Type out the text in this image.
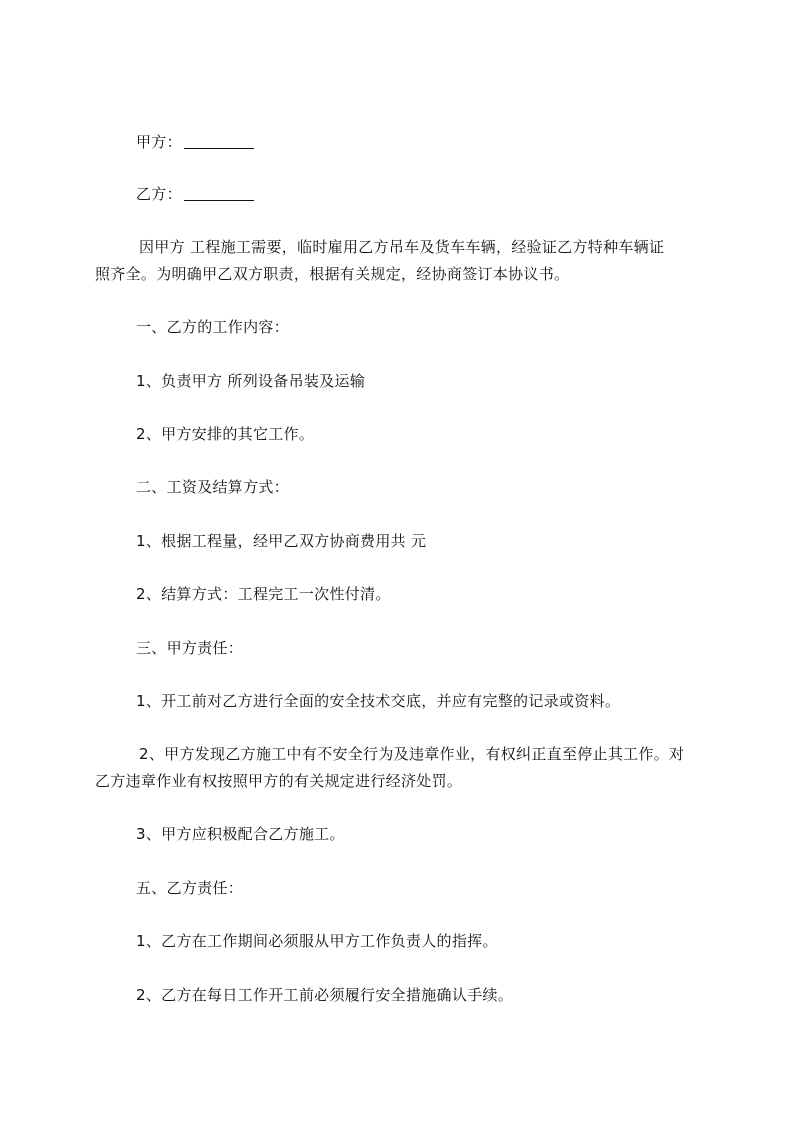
甲方：
乙方：
因甲方 工程施工需要，临时雇用乙方吊车及货车车辆，经验证乙方特种车辆证
照齐全。为明确甲乙双方职责，根据有关规定，经协商签订本协议书。
一、乙方的工作内容：
1、负责甲方 所列设备吊装及运输
2、甲方安排的其它工作。
二、工资及结算方式：
1、根据工程量，经甲乙双方协商费用共 元
2、结算方式：工程完工一次性付清。
三、甲方责任：
1、开工前对乙方进行全面的安全技术交底，并应有完整的记录或资料。
2、甲方发现乙方施工中有不安全行为及违章作业，有权纠正直至停止其工作。对
乙方违章作业有权按照甲方的有关规定进行经济处罚。
3、甲方应积极配合乙方施工。
五、乙方责任：
1、乙方在工作期间必须服从甲方工作负责人的指挥。
2、乙方在每日工作开工前必须履行安全措施确认手续。
